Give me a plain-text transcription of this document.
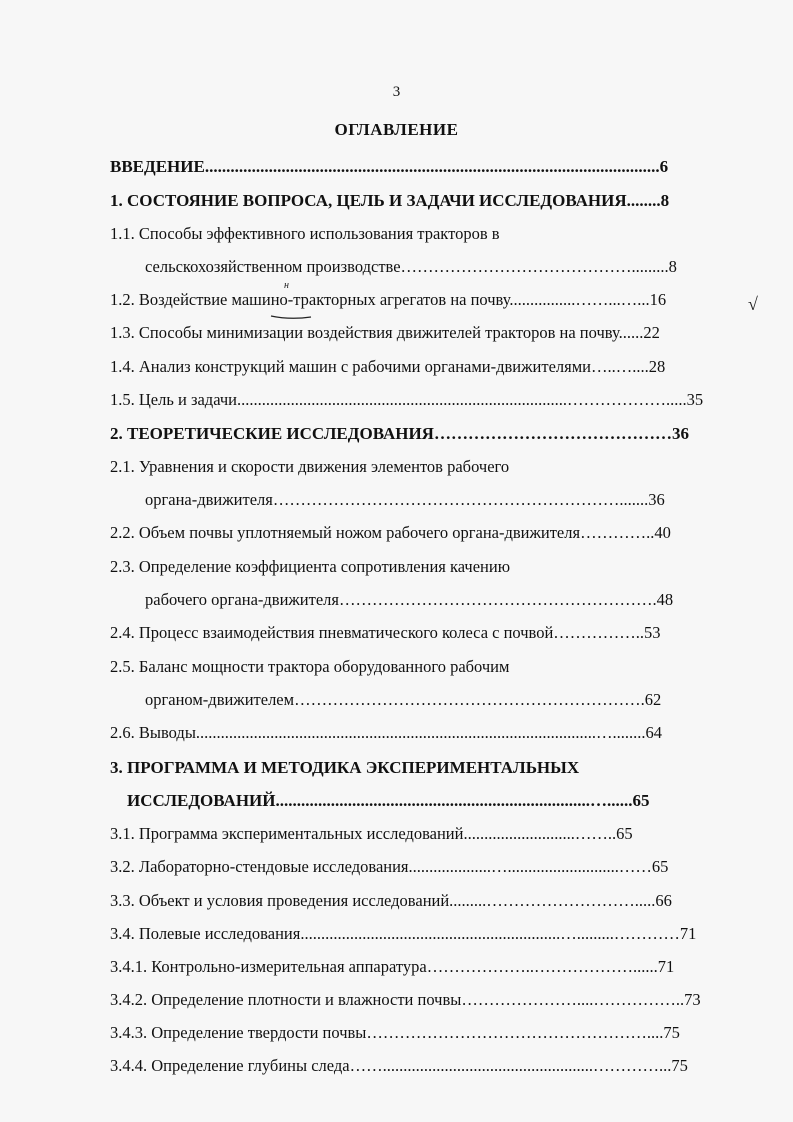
3
ОГЛАВЛЕНИЕ
ВВЕДЕНИЕ...........................................................................................................6
1. СОСТОЯНИЕ ВОПРОСА, ЦЕЛЬ И ЗАДАЧИ ИССЛЕДОВАНИЯ........8
1.1. Способы эффективного использования тракторов в
сельскохозяйственном производстве…………………………………….........8
1.2. Воздействие машино-тракторных агрегатов на почву................……...…...16
1.3. Способы минимизации воздействия движителей тракторов на почву......22
1.4. Анализ конструкций машин с рабочими органами-движителями…..…....28
1.5. Цель и задачи................................................................................……………….....35
2. ТЕОРЕТИЧЕСКИЕ ИССЛЕДОВАНИЯ……………………………………36
2.1. Уравнения и скорости движения элементов рабочего
органа-движителя……………………………………………………….......36
2.2. Объем почвы уплотняемый ножом рабочего органа-движителя…………..40
2.3. Определение коэффициента сопротивления качению
рабочего органа-движителя………………………………………………….48
2.4. Процесс взаимодействия пневматического колеса с почвой……………..53
2.5. Баланс мощности трактора оборудованного рабочим
органом-движителем……………………………………………………….62
2.6. Выводы.................................................................................................…........64
3. ПРОГРАММА И МЕТОДИКА ЭКСПЕРИМЕНТАЛЬНЫХ
ИССЛЕДОВАНИЙ..........................................................................…......65
3.1. Программа экспериментальных исследований...........................……..65
3.2. Лабораторно-стендовые исследования....................…...........................……65
3.3. Объект и условия проведения исследований.........……………………….....66
3.4. Полевые исследования...............................................................….........…………71
3.4.1. Контрольно-измерительная аппаратура………………..………………......71
3.4.2. Определение плотности и влажности почвы…………………....……………..73
3.4.3. Определение твердости почвы……………………………………………....75
3.4.4. Определение глубины следа……...................................................…………...75
н
√
